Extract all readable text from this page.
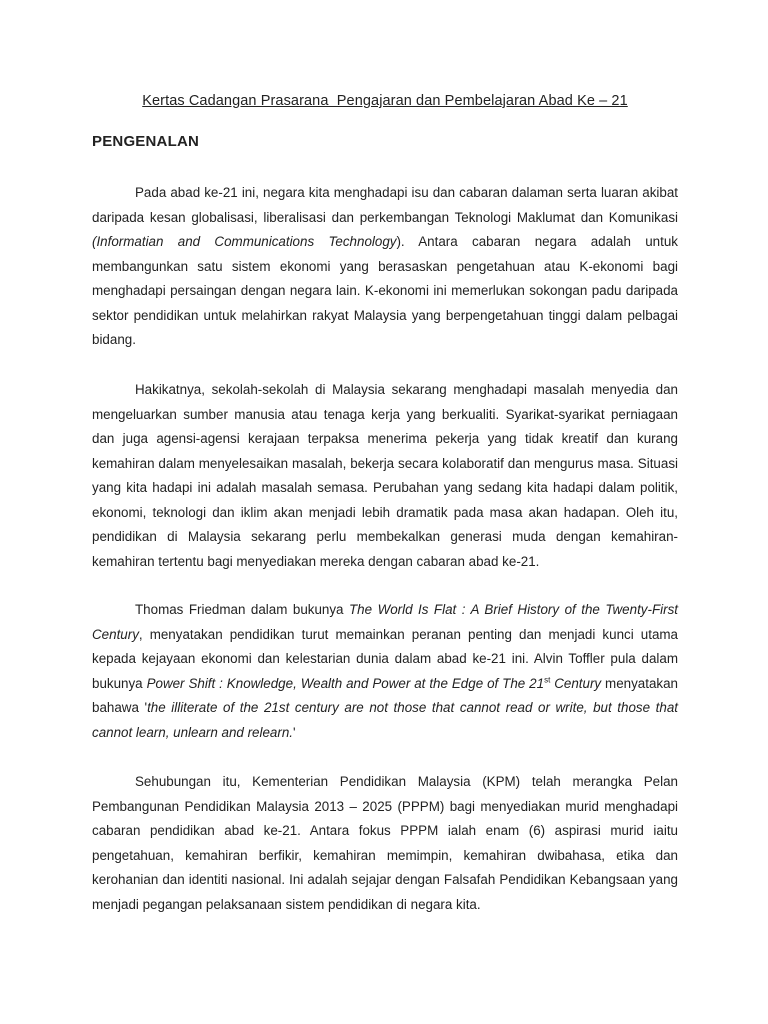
Kertas Cadangan Prasarana  Pengajaran dan Pembelajaran Abad Ke – 21
PENGENALAN

Pada abad ke-21 ini, negara kita menghadapi isu dan cabaran dalaman serta luaran akibat daripada kesan globalisasi, liberalisasi dan perkembangan Teknologi Maklumat dan Komunikasi (Informatian and Communications Technology). Antara cabaran negara adalah untuk membangunkan satu sistem ekonomi yang berasaskan pengetahuan atau K-ekonomi bagi menghadapi persaingan dengan negara lain. K-ekonomi ini memerlukan sokongan padu daripada sektor pendidikan untuk melahirkan rakyat Malaysia yang berpengetahuan tinggi dalam pelbagai bidang.

Hakikatnya, sekolah-sekolah di Malaysia sekarang menghadapi masalah menyedia dan mengeluarkan sumber manusia atau tenaga kerja yang berkualiti. Syarikat-syarikat perniagaan dan juga agensi-agensi kerajaan terpaksa menerima pekerja yang tidak kreatif dan kurang kemahiran dalam menyelesaikan masalah, bekerja secara kolaboratif dan mengurus masa. Situasi yang kita hadapi ini adalah masalah semasa. Perubahan yang sedang kita hadapi dalam politik, ekonomi, teknologi dan iklim akan menjadi lebih dramatik pada masa akan hadapan. Oleh itu, pendidikan di Malaysia sekarang perlu membekalkan generasi muda dengan kemahiran-kemahiran tertentu bagi menyediakan mereka dengan cabaran abad ke-21.

Thomas Friedman dalam bukunya The World Is Flat : A Brief History of the Twenty-First Century, menyatakan pendidikan turut memainkan peranan penting dan menjadi kunci utama kepada kejayaan ekonomi dan kelestarian dunia dalam abad ke-21 ini. Alvin Toffler pula dalam bukunya Power Shift : Knowledge, Wealth and Power at the Edge of The 21st Century menyatakan bahawa 'the illiterate of the 21st century are not those that cannot read or write, but those that cannot learn, unlearn and relearn.'

Sehubungan itu, Kementerian Pendidikan Malaysia (KPM) telah merangka Pelan Pembangunan Pendidikan Malaysia 2013 – 2025 (PPPM) bagi menyediakan murid menghadapi cabaran pendidikan abad ke-21. Antara fokus PPPM ialah enam (6) aspirasi murid iaitu pengetahuan, kemahiran berfikir, kemahiran memimpin, kemahiran dwibahasa, etika dan kerohanian dan identiti nasional. Ini adalah sejajar dengan Falsafah Pendidikan Kebangsaan yang menjadi pegangan pelaksanaan sistem pendidikan di negara kita.
